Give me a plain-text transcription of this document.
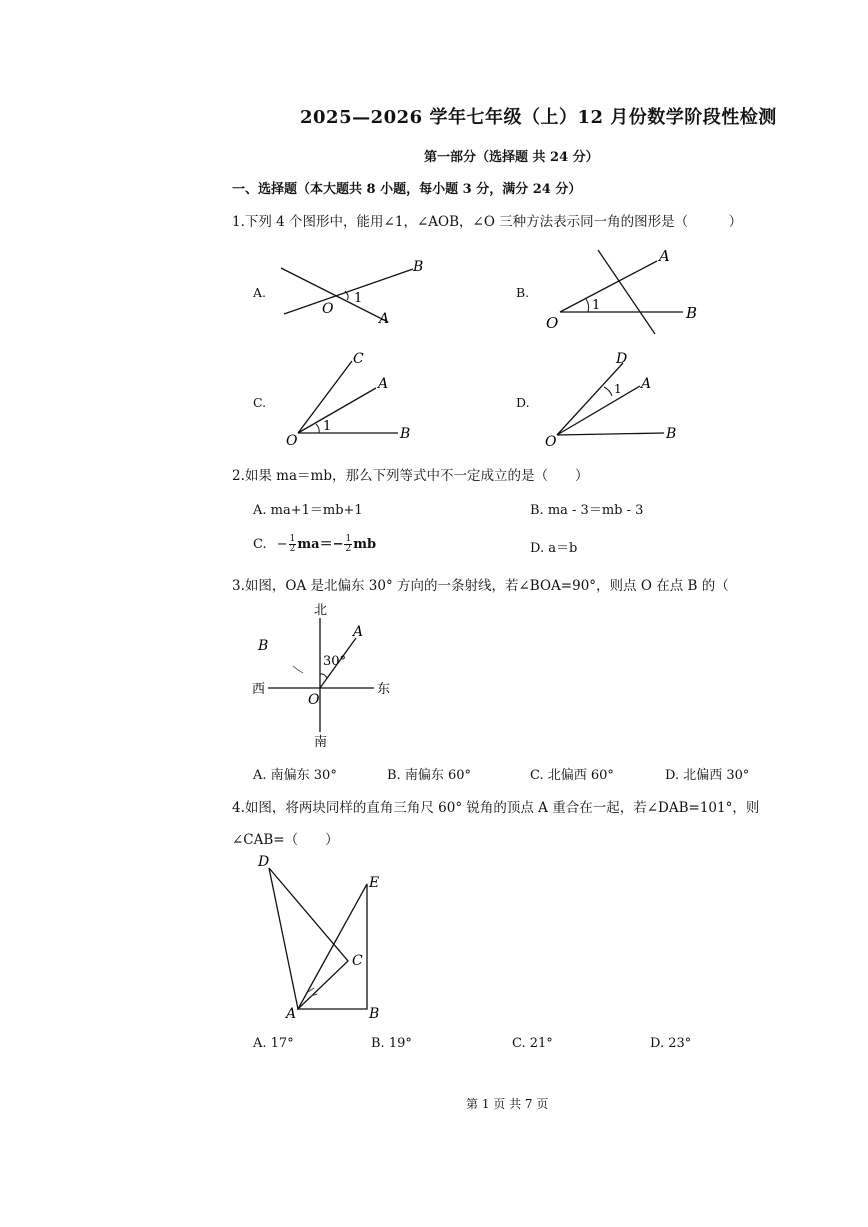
2025—2026 学年七年级（上）12 月份数学阶段性检测
第一部分（选择题 共 24 分）
一、选择题（本大题共 8 小题，每小题 3 分，满分 24 分）
1.下列 4 个图形中，能用∠1，∠AOB，∠O 三种方法表示同一角的图形是（　　　）
A.
O
1
A
B
B.
O
1
A
B
C.
O
1
C
A
B
D.
O
1
D
A
B
2.如果 ma＝mb，那么下列等式中不一定成立的是（　　）
A. ma+1＝mb+1	B. ma - 3＝mb - 3
C. − $\frac{1}{2} ma=- \frac{1}{2}$ mb	D. a＝b
3.如图，OA 是北偏东 30° 方向的一条射线，若∠BOA=90°，则点 O 在点 B 的（
北
南
东
西
30°
A
B
O
A. 南偏东 30°	B. 南偏东 60°	C. 北偏西 60°	D. 北偏西 30°
4.如图，将两块同样的直角三角尺 60° 锐角的顶点 A 重合在一起，若∠DAB=101°，则
∠CAB=（　　）
D
E
C
A	B
A. 17°	B. 19°	C. 21°	D. 23°
第 1 页 共 7 页
